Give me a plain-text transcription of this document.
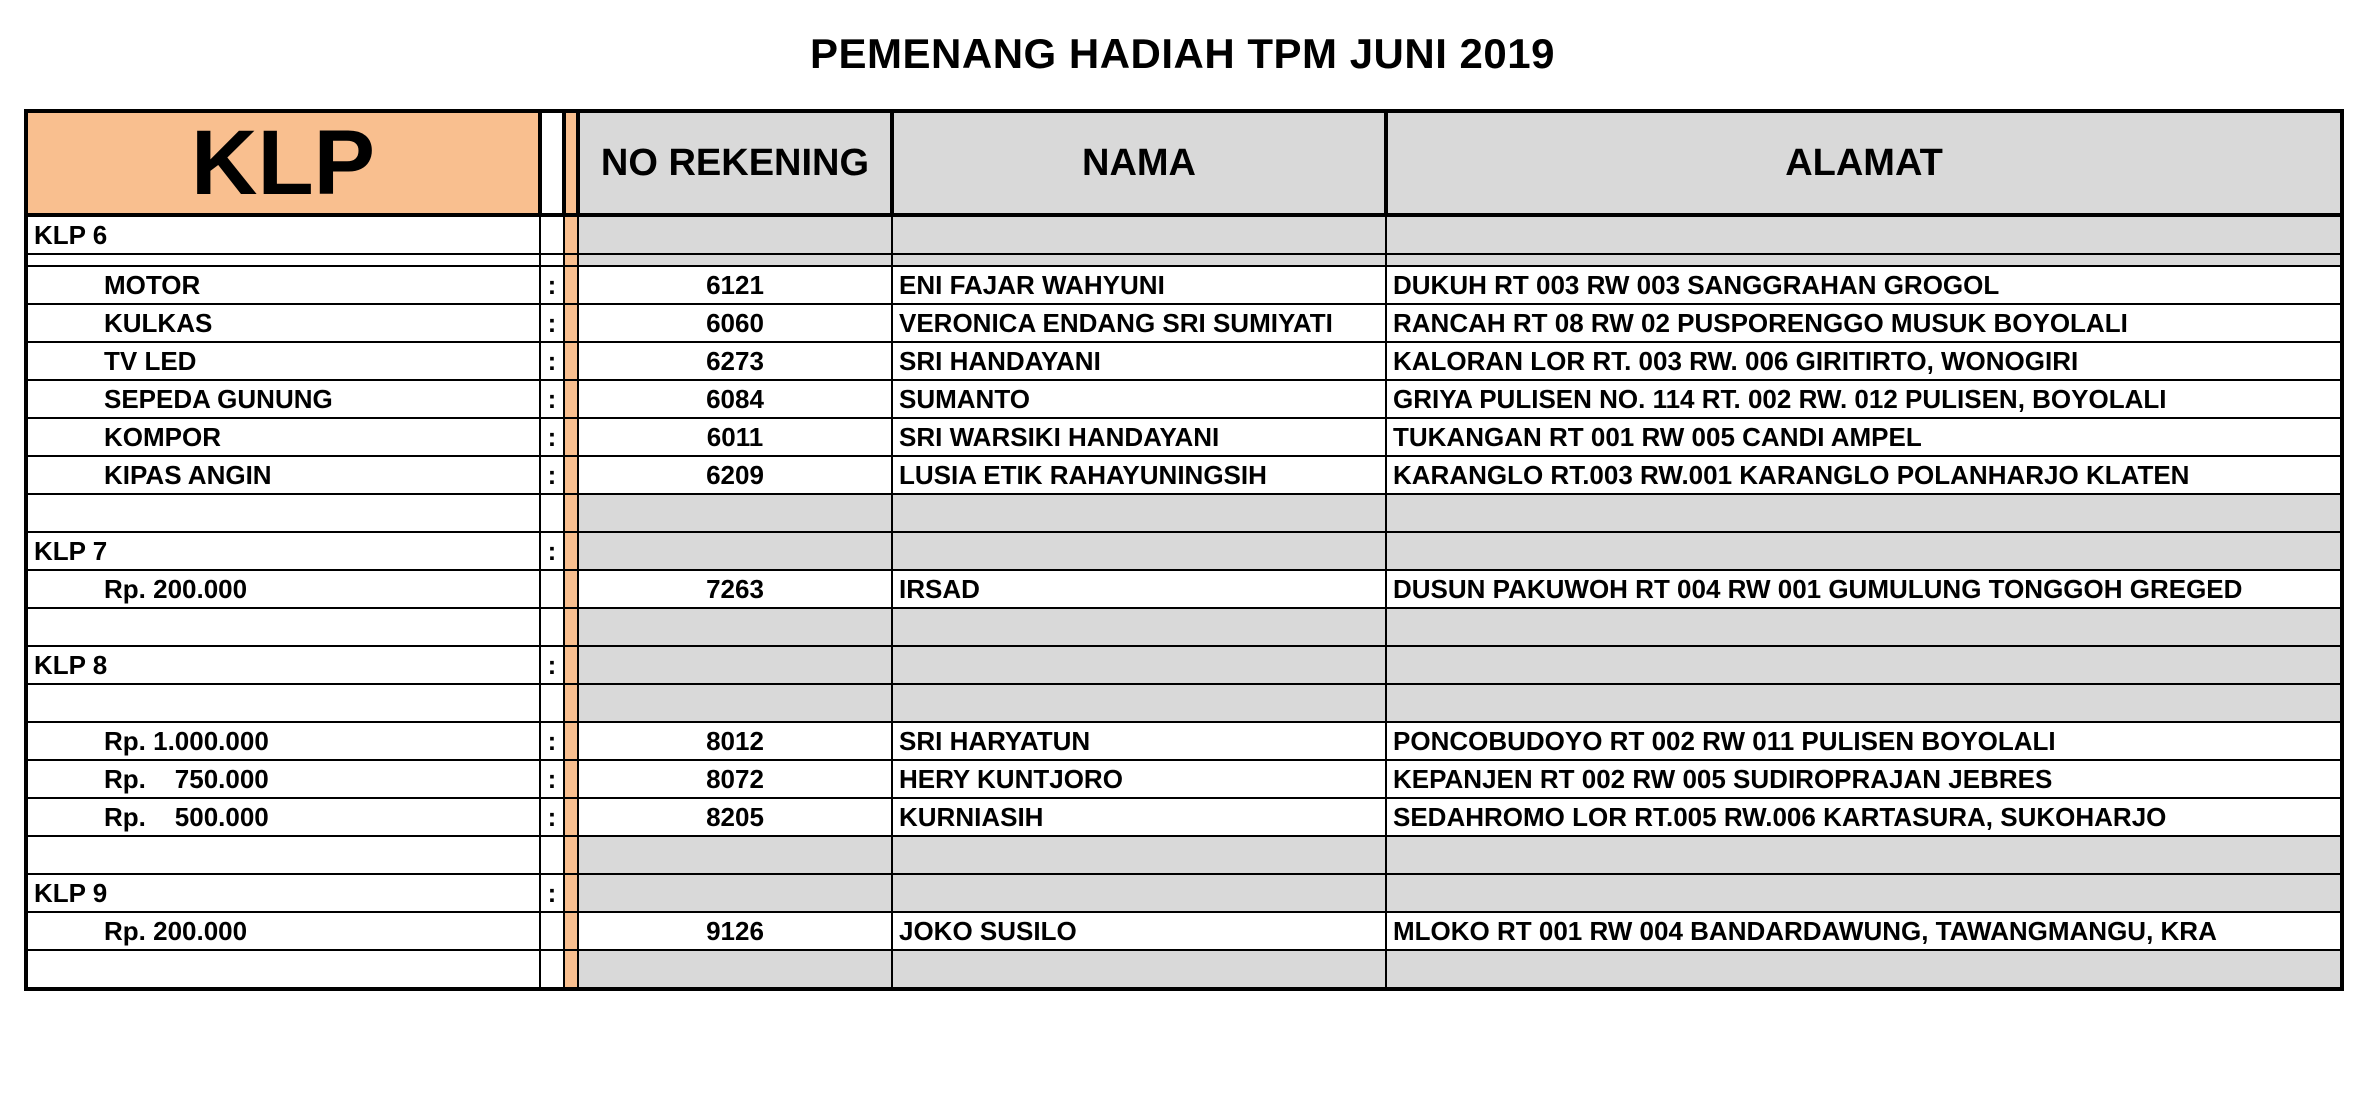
PEMENANG HADIAH TPM JUNI 2019
KLP			NO REKENING	NAMA	ALAMAT
KLP 6					

MOTOR	:		6121	ENI FAJAR WAHYUNI	DUKUH RT 003 RW 003 SANGGRAHAN GROGOL
KULKAS	:		6060	VERONICA ENDANG SRI SUMIYATI	RANCAH RT 08 RW 02 PUSPORENGGO MUSUK BOYOLALI
TV LED	:		6273	SRI HANDAYANI	KALORAN LOR RT. 003 RW. 006 GIRITIRTO, WONOGIRI
SEPEDA GUNUNG	:		6084	SUMANTO	GRIYA PULISEN NO. 114 RT. 002 RW. 012 PULISEN, BOYOLALI
KOMPOR	:		6011	SRI WARSIKI HANDAYANI	TUKANGAN RT 001 RW 005 CANDI AMPEL
KIPAS ANGIN	:		6209	LUSIA ETIK RAHAYUNINGSIH	KARANGLO RT.003 RW.001 KARANGLO POLANHARJO KLATEN

KLP 7	:				
Rp. 200.000			7263	IRSAD	DUSUN PAKUWOH RT 004 RW 001 GUMULUNG TONGGOH GREGED

KLP 8	:				

Rp. 1.000.000	:		8012	SRI HARYATUN	PONCOBUDOYO RT 002 RW 011 PULISEN BOYOLALI
Rp.    750.000	:		8072	HERY KUNTJORO	KEPANJEN RT 002 RW 005 SUDIROPRAJAN JEBRES
Rp.    500.000	:		8205	KURNIASIH	SEDAHROMO LOR RT.005 RW.006 KARTASURA, SUKOHARJO

KLP 9	:				
Rp. 200.000			9126	JOKO SUSILO	MLOKO RT 001 RW 004 BANDARDAWUNG, TAWANGMANGU, KRA
